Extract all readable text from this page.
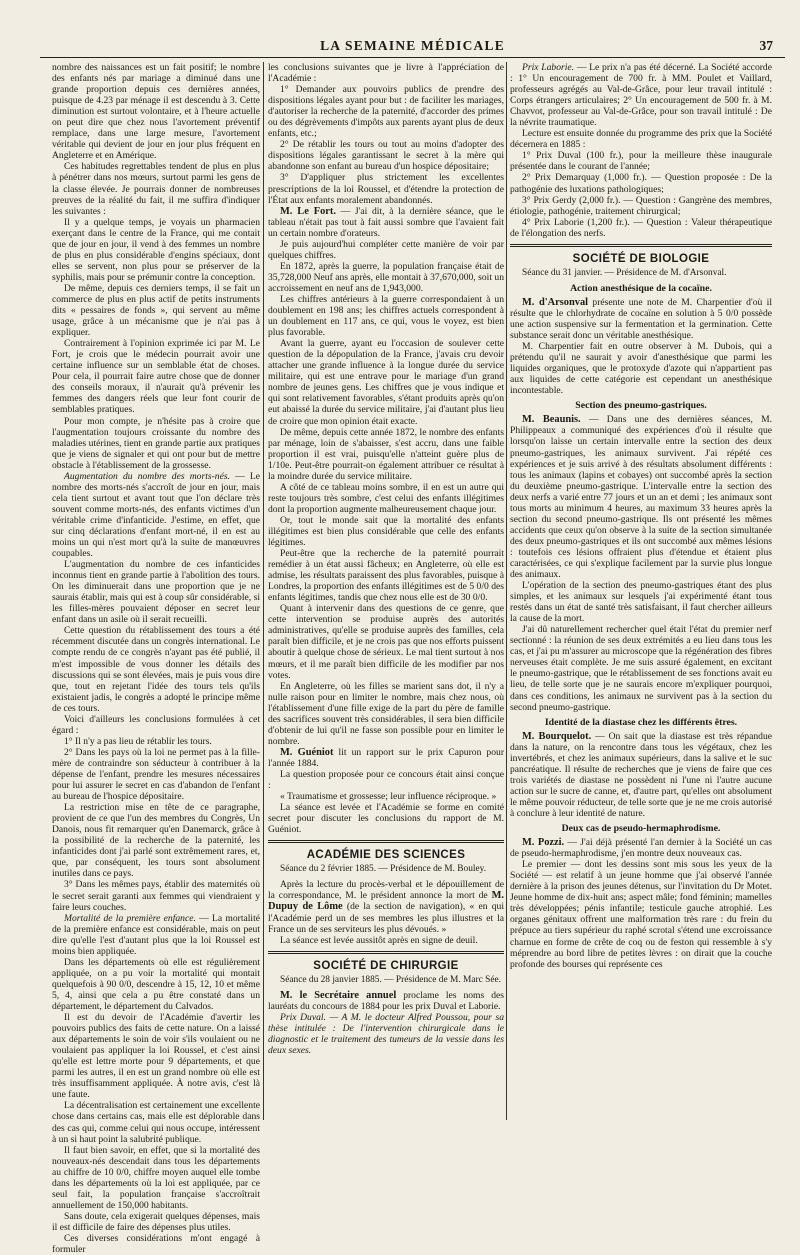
LA SEMAINE MÉDICALE	37

nombre des naissances est un fait positif; le nombre des enfants nés par mariage a diminué dans une grande proportion depuis ces dernières années, puisque de 4.23 par ménage il est descendu à 3. Cette diminution est surtout volontaire, et à l'heure actuelle on peut dire que chez nous l'avortement préventif remplace, dans une large mesure, l'avortement véritable qui devient de jour en jour plus fréquent en Angleterre et en Amérique.

Ces habitudes regrettables tendent de plus en plus à pénétrer dans nos mœurs, surtout parmi les gens de la classe élevée. Je pourrais donner de nombreuses preuves de la réalité du fait, il me suffira d'indiquer les suivantes :

Il y a quelque temps, je voyais un pharmacien exerçant dans le centre de la France, qui me contait que de jour en jour, il vend à des femmes un nombre de plus en plus considérable d'engins spéciaux, dont elles se servent, non plus pour se préserver de la syphilis, mais pour se prémunir contre la conception.

De même, depuis ces derniers temps, il se fait un commerce de plus en plus actif de petits instruments dits « pessaires de fonds », qui servent au même usage, grâce à un mécanisme que je n'ai pas à expliquer.

Contrairement à l'opinion exprimée ici par M. Le Fort, je crois que le médecin pourrait avoir une certaine influence sur un semblable état de choses. Pour cela, il pourrait faire autre chose que de donner des conseils moraux, il n'aurait qu'à prévenir les femmes des dangers réels que leur font courir de semblables pratiques.

Pour mon compte, je n'hésite pas à croire que l'augmentation toujours croissante du nombre des maladies utérines, tient en grande partie aux pratiques que je viens de signaler et qui ont pour but de mettre obstacle à l'établissement de la grossesse.

Augmentation du nombre des morts-nés. — Le nombre des morts-nés s'accroît de jour en jour, mais cela tient surtout et avant tout que l'on déclare très souvent comme morts-nés, des enfants victimes d'un véritable crime d'infanticide. J'estime, en effet, que sur cinq déclarations d'enfant mort-né, il en est au moins un qui n'est mort qu'à la suite de manœuvres coupables.

L'augmentation du nombre de ces infanticides inconnus tient en grande partie à l'abolition des tours. On les diminuerait dans une proportion que je ne saurais établir, mais qui est à coup sûr considérable, si les filles-mères pouvaient déposer en secret leur enfant dans un asile où il serait recueilli.

Cette question du rétablissement des tours a été récemment discutée dans un congrès international. Le compte rendu de ce congrès n'ayant pas été publié, il m'est impossible de vous donner les détails des discussions qui se sont élevées, mais je puis vous dire que, tout en rejetant l'idée des tours tels qu'ils existaient jadis, le congrès a adopté le principe même de ces tours.

Voici d'ailleurs les conclusions formulées à cet égard :

1° Il n'y a pas lieu de rétablir les tours.

2° Dans les pays où la loi ne permet pas à la fille-mère de contraindre son séducteur à contribuer à la dépense de l'enfant, prendre les mesures nécessaires pour lui assurer le secret en cas d'abandon de l'enfant au bureau de l'hospice dépositaire.

La restriction mise en tête de ce paragraphe, provient de ce que l'un des membres du Congrès, Un Danois, nous fit remarquer qu'en Danemarck, grâce à la possibilité de la recherche de la paternité, les infanticides dont j'ai parlé sont extrêmement rares, et, que, par conséquent, les tours sont absolument inutiles dans ce pays.

3° Dans les mêmes pays, établir des maternités où le secret serait garanti aux femmes qui viendraient y faire leurs couches.

Mortalité de la première enfance. — La mortalité de la première enfance est considérable, mais on peut dire qu'elle l'est d'autant plus que la loi Roussel est moins bien appliquée.

Dans les départements où elle est régulièrement appliquée, on a pu voir la mortalité qui montait quelquefois à 90 0/0, descendre à 15, 12, 10 et même 5, 4, ainsi que cela a pu être constaté dans un département, le département du Calvados.

Il est du devoir de l'Académie d'avertir les pouvoirs publics des faits de cette nature. On a laissé aux départements le soin de voir s'ils voulaient ou ne voulaient pas appliquer la loi Roussel, et c'est ainsi qu'elle est lettre morte pour 9 départements, et que parmi les autres, il en est un grand nombre où elle est très insuffisamment appliquée. À notre avis, c'est là une faute.

La décentralisation est certainement une excellente chose dans certains cas, mais elle est déplorable dans des cas qui, comme celui qui nous occupe, intéressent à un si haut point la salubrité publique.

Il faut bien savoir, en effet, que si la mortalité des nouveaux-nés descendait dans tous les départements au chiffre de 10 0/0, chiffre moyen auquel elle tombe dans les départements où la loi est appliquée, par ce seul fait, la population française s'accroîtrait annuellement de 150,000 habitants.

Sans doute, cela exigerait quelques dépenses, mais il est difficile de faire des dépenses plus utiles.

Ces diverses considérations m'ont engagé à formuler

les conclusions suivantes que je livre à l'appréciation de l'Académie :

1° Demander aux pouvoirs publics de prendre des dispositions légales ayant pour but : de faciliter les mariages, d'autoriser la recherche de la paternité, d'accorder des primes ou des dégrèvements d'impôts aux parents ayant plus de deux enfants, etc.;

2° De rétablir les tours ou tout au moins d'adopter des dispositions légales garantissant le secret à la mère qui abandonne son enfant au bureau d'un hospice dépositaire;

3° D'appliquer plus strictement les excellentes prescriptions de la loi Roussel, et d'étendre la protection de l'État aux enfants moralement abandonnés.

M. Le Fort. — J'ai dit, à la dernière séance, que le tableau n'était pas tout à fait aussi sombre que l'avaient fait un certain nombre d'orateurs.

Je puis aujourd'hui compléter cette manière de voir par quelques chiffres.

En 1872, après la guerre, la population française était de 35,728,000 Neuf ans après, elle montait à 37,670,000, soit un accroissement en neuf ans de 1,943,000.

Les chiffres antérieurs à la guerre correspondaient à un doublement en 198 ans; les chiffres actuels correspondent à un doublement en 117 ans, ce qui, vous le voyez, est bien plus favorable.

Avant la guerre, ayant eu l'occasion de soulever cette question de la dépopulation de la France, j'avais cru devoir attacher une grande influence à la longue durée du service militaire, qui est une entrave pour le mariage d'un grand nombre de jeunes gens. Les chiffres que je vous indique et qui sont relativement favorables, s'étant produits après qu'on eut abaissé la durée du service militaire, j'ai d'autant plus lieu de croire que mon opinion était exacte.

De même, depuis cette année 1872, le nombre des enfants par ménage, loin de s'abaisser, s'est accru, dans une faible proportion il est vrai, puisqu'elle n'atteint guère plus de 1/10e. Peut-être pourrait-on également attribuer ce résultat à la moindre durée du service militaire.

A côté de ce tableau moins sombre, il en est un autre qui reste toujours très sombre, c'est celui des enfants illégitimes dont la proportion augmente malheureusement chaque jour.

Or, tout le monde sait que la mortalité des enfants illégitimes est bien plus considérable que celle des enfants légitimes.

Peut-être que la recherche de la paternité pourrait remédier à un état aussi fâcheux; en Angleterre, où elle est admise, les résultats paraissent des plus favorables, puisque à Londres, la proportion des enfants illégitimes est de 5 0/0 des enfants légitimes, tandis que chez nous elle est de 30 0/0.

Quant à intervenir dans des questions de ce genre, que cette intervention se produise auprès des autorités administratives, qu'elle se produise auprès des familles, cela paraît bien difficile, et je ne crois pas que nos efforts puissent aboutir à quelque chose de sérieux. Le mal tient surtout à nos mœurs, et il me paraît bien difficile de les modifier par nos votes.

En Angleterre, où les filles se marient sans dot, il n'y a nulle raison pour en limiter le nombre, mais chez nous, où l'établissement d'une fille exige de la part du père de famille des sacrifices souvent très considérables, il sera bien difficile d'obtenir de lui qu'il ne fasse son possible pour en limiter le nombre.

M. Guéniot lit un rapport sur le prix Capuron pour l'année 1884.

La question proposée pour ce concours était ainsi conçue :

« Traumatisme et grossesse; leur influence réciproque. »

La séance est levée et l'Académie se forme en comité secret pour discuter les conclusions du rapport de M. Guéniot.

ACADÉMIE DES SCIENCES
Séance du 2 février 1885. — Présidence de M. Bouley.

Après la lecture du procès-verbal et le dépouillement de la correspondance, M. le président annonce la mort de M. Dupuy de Lôme (de la section de navigation), « en qui l'Académie perd un de ses membres les plus illustres et la France un de ses serviteurs les plus dévoués. »

La séance est levée aussitôt après en signe de deuil.

SOCIÉTÉ DE CHIRURGIE
Séance du 28 janvier 1885. — Présidence de M. Marc Sée.

M. le Secrétaire annuel proclame les noms des lauréats du concours de 1884 pour les prix Duval et Laborie.

Prix Duval. — A M. le docteur Alfred Poussou, pour sa thèse intitulée : De l'intervention chirurgicale dans le diagnostic et le traitement des tumeurs de la vessie dans les deux sexes.

Prix Laborie. — Le prix n'a pas été décerné. La Société accorde : 1° Un encouragement de 700 fr. à MM. Poulet et Vaillard, professeurs agrégés au Val-de-Grâce, pour leur travail intitulé : Corps étrangers articulaires; 2° Un encouragement de 500 fr. à M. Chavvot, professeur au Val-de-Grâce, pour son travail intitulé : De la névrite traumatique.

Lecture est ensuite donnée du programme des prix que la Société décernera en 1885 :

1° Prix Duval (100 fr.), pour la meilleure thèse inaugurale présentée dans le courant de l'année;

2° Prix Demarquay (1,000 fr.). — Question proposée : De la pathogénie des luxations pathologiques;

3° Prix Gerdy (2,000 fr.). — Question : Gangrène des membres, étiologie, pathogénie, traitement chirurgical;

4° Prix Laborie (1,200 fr.). — Question : Valeur thérapeutique de l'élongation des nerfs.

SOCIÉTÉ DE BIOLOGIE
Séance du 31 janvier. — Présidence de M. d'Arsonval.
Action anesthésique de la cocaïne.

M. d'Arsonval présente une note de M. Charpentier d'où il résulte que le chlorhydrate de cocaïne en solution à 5 0/0 possède une action suspensive sur la fermentation et la germination. Cette substance serait donc un véritable anesthésique.

M. Charpentier fait en outre observer à M. Dubois, qui a prétendu qu'il ne saurait y avoir d'anesthésique que parmi les liquides organiques, que le protoxyde d'azote qui n'appartient pas aux liquides de cette catégorie est cependant un anesthésique incontestable.

Section des pneumo-gastriques.

M. Beaunis. — Dans une des dernières séances, M. Philippeaux a communiqué des expériences d'où il résulte que lorsqu'on laisse un certain intervalle entre la section des deux pneumo-gastriques, les animaux survivent. J'ai répété ces expériences et je suis arrivé à des résultats absolument différents : tous les animaux (lapins et cobayes) ont succombé après la section du deuxième pneumo-gastrique. L'intervalle entre la section des deux nerfs a varié entre 77 jours et un an et demi ; les animaux sont tous morts au minimum 4 heures, au maximum 33 heures après la section du second pneumo-gastrique. Ils ont présenté les mêmes accidents que ceux qu'on observe à la suite de la section simultanée des deux pneumo-gastriques et ils ont succombé aux mêmes lésions : toutefois ces lésions offraient plus d'étendue et étaient plus caractérisées, ce qui s'explique facilement par la survie plus longue des animaux.

L'opération de la section des pneumo-gastriques étant des plus simples, et les animaux sur lesquels j'ai expérimenté étant tous restés dans un état de santé très satisfaisant, il faut chercher ailleurs la cause de la mort.

J'ai dû naturellement rechercher quel était l'état du premier nerf sectionné : la réunion de ses deux extrémités a eu lieu dans tous les cas, et j'ai pu m'assurer au microscope que la régénération des fibres nerveuses était complète. Je me suis assuré également, en excitant le pneumo-gastrique, que le rétablissement de ses fonctions avait eu lieu, de telle sorte que je ne saurais encore m'expliquer pourquoi, dans ces conditions, les animaux ne survivent pas à la section du second pneumo-gastrique.

Identité de la diastase chez les différents êtres.

M. Bourquelot. — On sait que la diastase est très répandue dans la nature, on la rencontre dans tous les végétaux, chez les invertébrés, et chez les animaux supérieurs, dans la salive et le suc pancréatique. Il résulte de recherches que je viens de faire que ces trois variétés de diastase ne possèdent ni l'une ni l'autre aucune action sur le sucre de canne, et, d'autre part, qu'elles ont absolument le même pouvoir réducteur, de telle sorte que je ne me crois autorisé à conclure à leur identité de nature.

Deux cas de pseudo-hermaphrodisme.

M. Pozzi. — J'ai déjà présenté l'an dernier à la Société un cas de pseudo-hermaphrodisme, j'en montre deux nouveaux cas.

Le premier — dont les dessins sont mis sous les yeux de la Société — est relatif à un jeune homme que j'ai observé l'année dernière à la prison des jeunes détenus, sur l'invitation du Dr Motet. Jeune homme de dix-huit ans; aspect mâle; fond féminin; mamelles très développées; pénis infantile; testicule gauche atrophié. Les organes génitaux offrent une malformation très rare : du frein du prépuce au tiers supérieur du raphé scrotal s'étend une excroissance charnue en forme de crête de coq ou de feston qui ressemble à s'y méprendre au bord libre de petites lèvres : on dirait que la couche profonde des bourses qui représente ces
